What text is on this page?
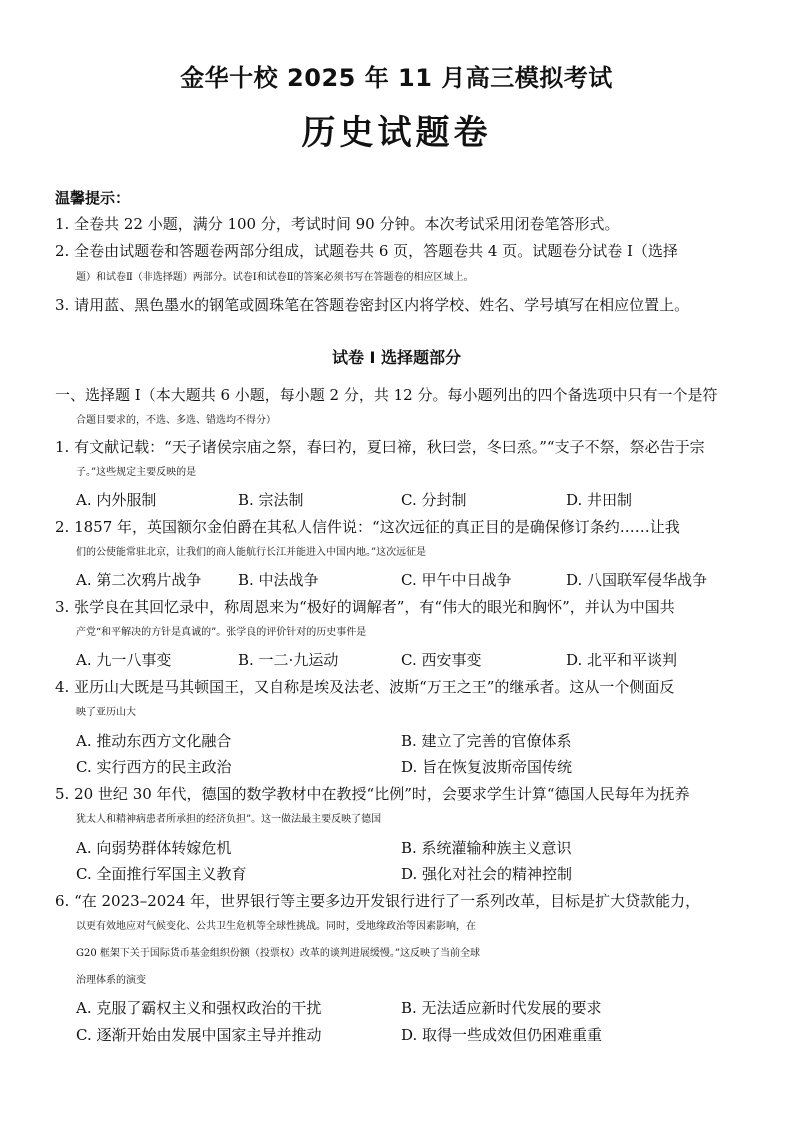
金华十校 2025 年 11 月高三模拟考试
历史试题卷
温馨提示：
1. 全卷共 22 小题，满分 100 分，考试时间 90 分钟。本次考试采用闭卷笔答形式。
2. 全卷由试题卷和答题卷两部分组成，试题卷共 6 页，答题卷共 4 页。试题卷分试卷 Ⅰ（选择
题）和试卷Ⅱ（非选择题）两部分。试卷Ⅰ和试卷Ⅱ的答案必须书写在答题卷的相应区域上。
3. 请用蓝、黑色墨水的钢笔或圆珠笔在答题卷密封区内将学校、姓名、学号填写在相应位置上。
试卷 Ⅰ 选择题部分
一、选择题 Ⅰ（本大题共 6 小题，每小题 2 分，共 12 分。每小题列出的四个备选项中只有一个是符
合题目要求的，不选、多选、错选均不得分）
1. 有文献记载：“天子诸侯宗庙之祭，春曰礿，夏曰禘，秋曰尝，冬曰烝。”“支子不祭，祭必告于宗
子。”这些规定主要反映的是
A. 内外服制	B. 宗法制	C. 分封制	D. 井田制
2. 1857 年，英国额尔金伯爵在其私人信件说：“这次远征的真正目的是确保修订条约……让我
们的公使能常驻北京，让我们的商人能航行长江并能进入中国内地。”这次远征是
A. 第二次鸦片战争 B. 中法战争	C. 甲午中日战争	D. 八国联军侵华战争
3. 张学良在其回忆录中，称周恩来为“极好的调解者”，有“伟大的眼光和胸怀”，并认为中国共
产党“和平解决的方针是真诚的”。张学良的评价针对的历史事件是
A. 九一八事变	B. 一二·九运动	C. 西安事变	D. 北平和平谈判
4. 亚历山大既是马其顿国王，又自称是埃及法老、波斯“万王之王”的继承者。这从一个侧面反
映了亚历山大
A. 推动东西方文化融合	B. 建立了完善的官僚体系
C. 实行西方的民主政治	D. 旨在恢复波斯帝国传统
5. 20 世纪 30 年代，德国的数学教材中在教授“比例”时，会要求学生计算“德国人民每年为抚养
犹太人和精神病患者所承担的经济负担”。这一做法最主要反映了德国
A. 向弱势群体转嫁危机	B. 系统灌输种族主义意识
C. 全面推行军国主义教育	D. 强化对社会的精神控制
6. “在 2023–2024 年，世界银行等主要多边开发银行进行了一系列改革，目标是扩大贷款能力，
以更有效地应对气候变化、公共卫生危机等全球性挑战。同时，受地缘政治等因素影响，在
G20 框架下关于国际货币基金组织份额（投票权）改革的谈判进展缓慢。”这反映了当前全球
治理体系的演变
A. 克服了霸权主义和强权政治的干扰	B. 无法适应新时代发展的要求
C. 逐渐开始由发展中国家主导并推动	D. 取得一些成效但仍困难重重
